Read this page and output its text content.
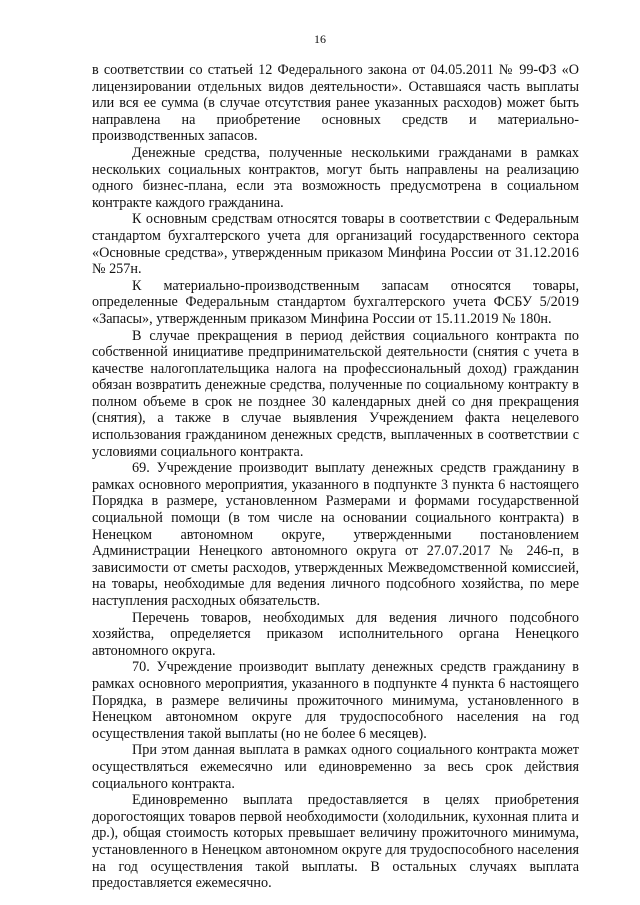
16

в соответствии со статьей 12 Федерального закона от 04.05.2011 № 99-ФЗ «О лицензировании отдельных видов деятельности». Оставшаяся часть выплаты или вся ее сумма (в случае отсутствия ранее указанных расходов) может быть направлена на приобретение основных средств и материально-производственных запасов.

Денежные средства, полученные несколькими гражданами в рамках нескольких социальных контрактов, могут быть направлены на реализацию одного бизнес-плана, если эта возможность предусмотрена в социальном контракте каждого гражданина.

К основным средствам относятся товары в соответствии с Федеральным стандартом бухгалтерского учета для организаций государственного сектора «Основные средства», утвержденным приказом Минфина России от 31.12.2016 № 257н.

К материально-производственным запасам относятся товары, определенные Федеральным стандартом бухгалтерского учета ФСБУ 5/2019 «Запасы», утвержденным приказом Минфина России от 15.11.2019 № 180н.

В случае прекращения в период действия социального контракта по собственной инициативе предпринимательской деятельности (снятия с учета в качестве налогоплательщика налога на профессиональный доход) гражданин обязан возвратить денежные средства, полученные по социальному контракту в полном объеме в срок не позднее 30 календарных дней со дня прекращения (снятия), а также в случае выявления Учреждением факта нецелевого использования гражданином денежных средств, выплаченных в соответствии с условиями социального контракта.

69. Учреждение производит выплату денежных средств гражданину в рамках основного мероприятия, указанного в подпункте 3 пункта 6 настоящего Порядка в размере, установленном Размерами и формами государственной социальной помощи (в том числе на основании социального контракта) в Ненецком автономном округе, утвержденными постановлением Администрации Ненецкого автономного округа от 27.07.2017 № 246-п, в зависимости от сметы расходов, утвержденных Межведомственной комиссией, на товары, необходимые для ведения личного подсобного хозяйства, по мере наступления расходных обязательств.

Перечень товаров, необходимых для ведения личного подсобного хозяйства, определяется приказом исполнительного органа Ненецкого автономного округа.

70. Учреждение производит выплату денежных средств гражданину в рамках основного мероприятия, указанного в подпункте 4 пункта 6 настоящего Порядка, в размере величины прожиточного минимума, установленного в Ненецком автономном округе для трудоспособного населения на год осуществления такой выплаты (но не более 6 месяцев).

При этом данная выплата в рамках одного социального контракта может осуществляться ежемесячно или единовременно за весь срок действия социального контракта.

Единовременно выплата предоставляется в целях приобретения дорогостоящих товаров первой необходимости (холодильник, кухонная плита и др.), общая стоимость которых превышает величину прожиточного минимума, установленного в Ненецком автономном округе для трудоспособного населения на год осуществления такой выплаты. В остальных случаях выплата предоставляется ежемесячно.
